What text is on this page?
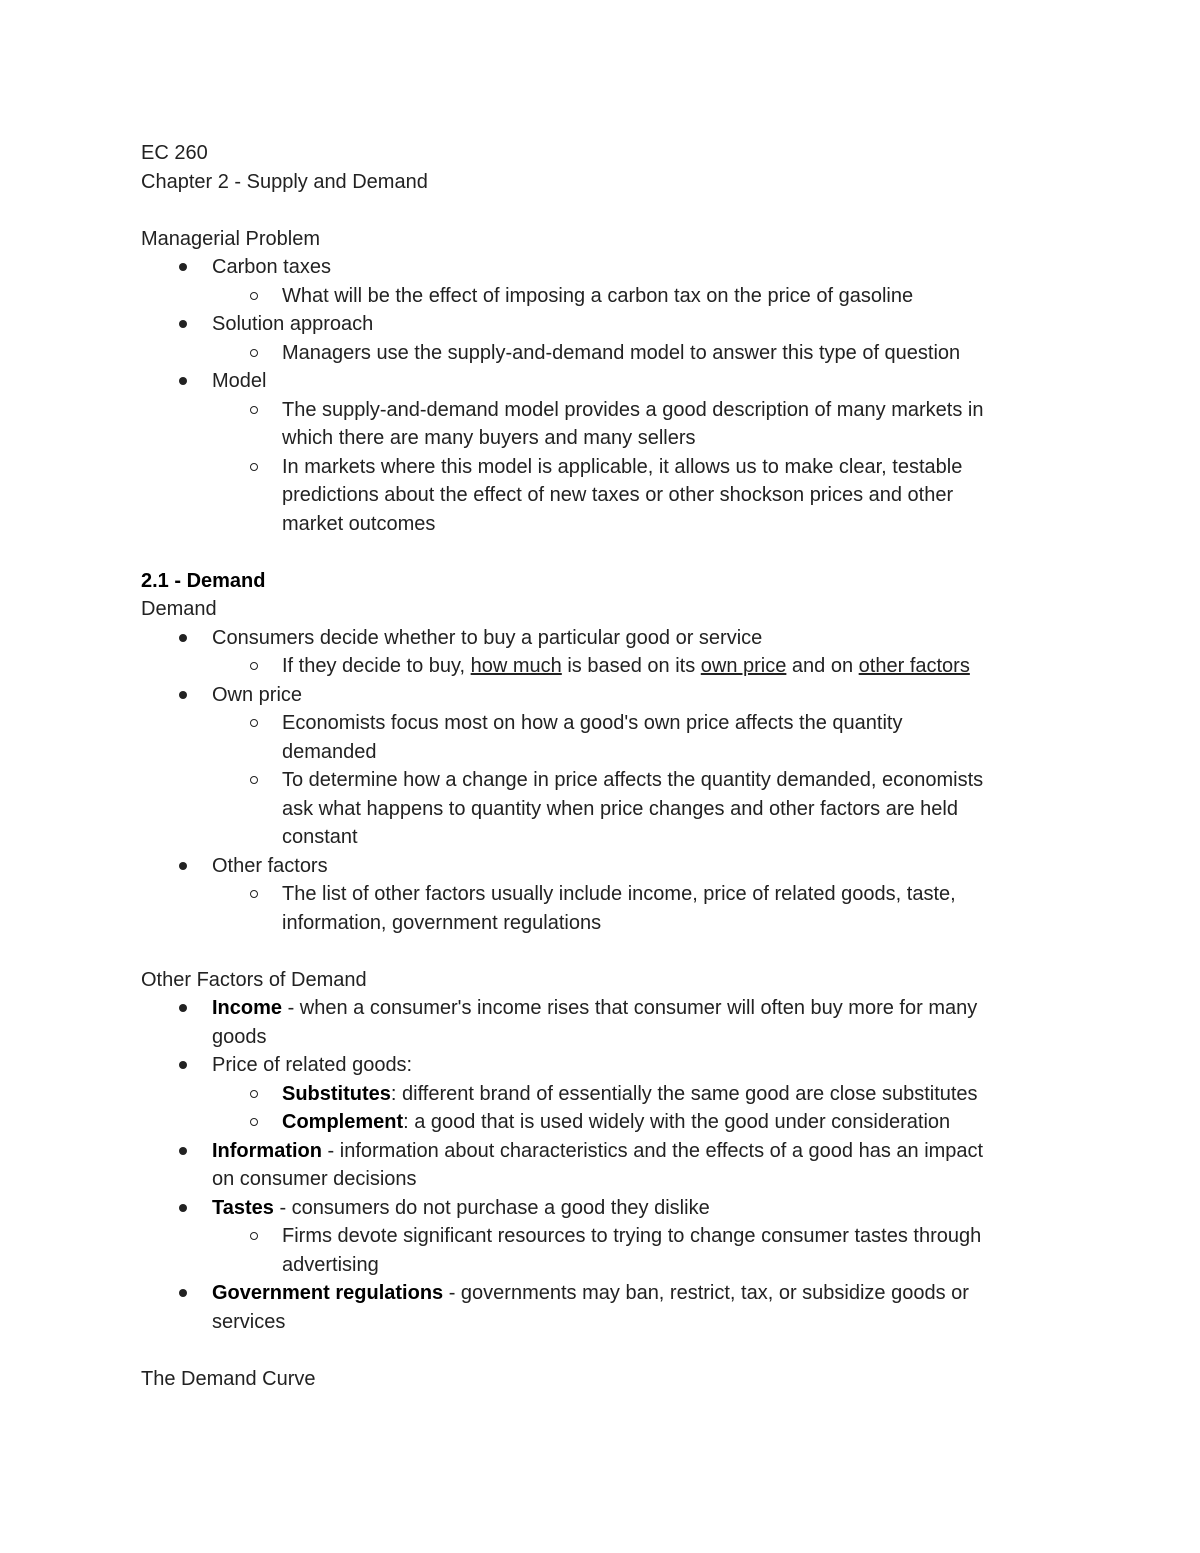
EC 260
Chapter 2 - Supply and Demand
Managerial Problem
Carbon taxes
What will be the effect of imposing a carbon tax on the price of gasoline
Solution approach
Managers use the supply-and-demand model to answer this type of question
Model
The supply-and-demand model provides a good description of many markets in
which there are many buyers and many sellers
In markets where this model is applicable, it allows us to make clear, testable
predictions about the effect of new taxes or other shockson prices and other
market outcomes
2.1 - Demand
Demand
Consumers decide whether to buy a particular good or service
If they decide to buy, how much is based on its own price and on other factors
Own price
Economists focus most on how a good's own price affects the quantity
demanded
To determine how a change in price affects the quantity demanded, economists
ask what happens to quantity when price changes and other factors are held
constant
Other factors
The list of other factors usually include income, price of related goods, taste,
information, government regulations
Other Factors of Demand
Income - when a consumer's income rises that consumer will often buy more for many
goods
Price of related goods:
Substitutes: different brand of essentially the same good are close substitutes
Complement: a good that is used widely with the good under consideration
Information - information about characteristics and the effects of a good has an impact
on consumer decisions
Tastes - consumers do not purchase a good they dislike
Firms devote significant resources to trying to change consumer tastes through
advertising
Government regulations - governments may ban, restrict, tax, or subsidize goods or
services
The Demand Curve
